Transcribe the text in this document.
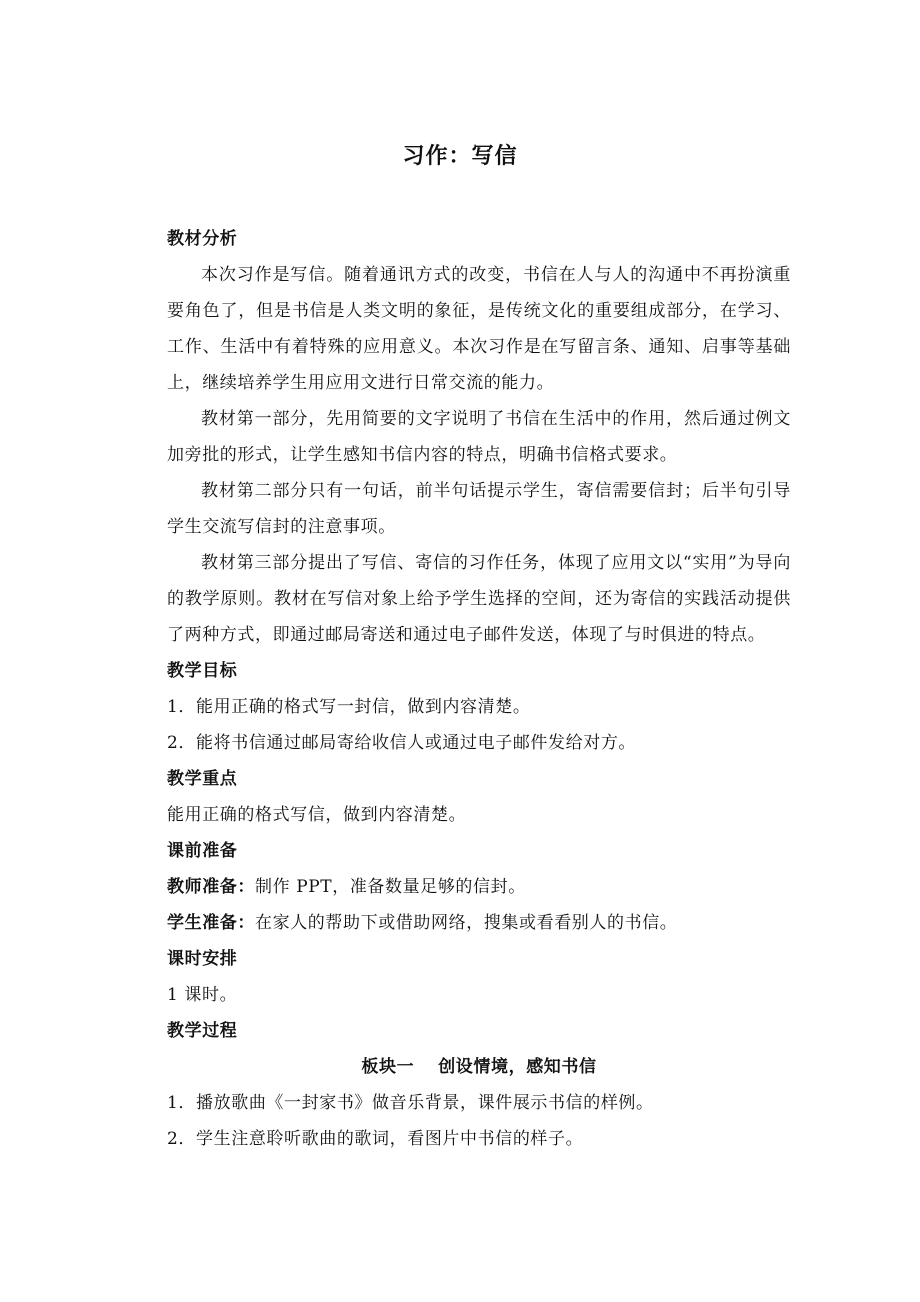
习作：写信
教材分析
本次习作是写信。随着通讯方式的改变，书信在人与人的沟通中不再扮演重要角色了，但是书信是人类文明的象征，是传统文化的重要组成部分，在学习、工作、生活中有着特殊的应用意义。本次习作是在写留言条、通知、启事等基础上，继续培养学生用应用文进行日常交流的能力。
教材第一部分，先用简要的文字说明了书信在生活中的作用，然后通过例文加旁批的形式，让学生感知书信内容的特点，明确书信格式要求。
教材第二部分只有一句话，前半句话提示学生，寄信需要信封；后半句引导学生交流写信封的注意事项。
教材第三部分提出了写信、寄信的习作任务，体现了应用文以“实用”为导向的教学原则。教材在写信对象上给予学生选择的空间，还为寄信的实践活动提供了两种方式，即通过邮局寄送和通过电子邮件发送，体现了与时俱进的特点。
教学目标
1．能用正确的格式写一封信，做到内容清楚。
2．能将书信通过邮局寄给收信人或通过电子邮件发给对方。
教学重点
能用正确的格式写信，做到内容清楚。
课前准备
教师准备：制作 PPT，准备数量足够的信封。
学生准备：在家人的帮助下或借助网络，搜集或看看别人的书信。
课时安排
1 课时。
教学过程
板块一 创设情境，感知书信
1．播放歌曲《一封家书》做音乐背景，课件展示书信的样例。
2．学生注意聆听歌曲的歌词，看图片中书信的样子。
